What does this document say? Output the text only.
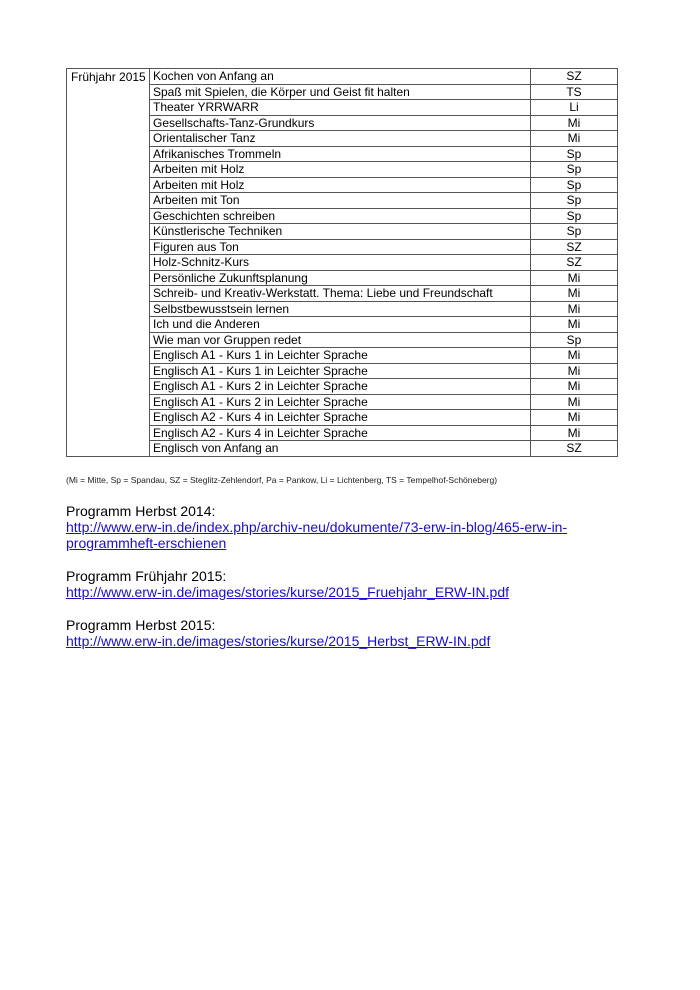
Frühjahr 2015	Kochen von Anfang an	SZ
	Spaß mit Spielen, die Körper und Geist fit halten	TS
	Theater YRRWARR	Li
	Gesellschafts-Tanz-Grundkurs	Mi
	Orientalischer Tanz	Mi
	Afrikanisches Trommeln	Sp
	Arbeiten mit Holz	Sp
	Arbeiten mit Holz	Sp
	Arbeiten mit Ton	Sp
	Geschichten schreiben	Sp
	Künstlerische Techniken	Sp
	Figuren aus Ton	SZ
	Holz-Schnitz-Kurs	SZ
	Persönliche Zukunftsplanung	Mi
	Schreib- und Kreativ-Werkstatt. Thema: Liebe und Freundschaft	Mi
	Selbstbewusstsein lernen	Mi
	Ich und die Anderen	Mi
	Wie man vor Gruppen redet	Sp
	Englisch A1 - Kurs 1 in Leichter Sprache	Mi
	Englisch A1 - Kurs 1 in Leichter Sprache	Mi
	Englisch A1 - Kurs 2 in Leichter Sprache	Mi
	Englisch A1 - Kurs 2 in Leichter Sprache	Mi
	Englisch A2 - Kurs 4 in Leichter Sprache	Mi
	Englisch A2 - Kurs 4 in Leichter Sprache	Mi
	Englisch von Anfang an	SZ
(Mi = Mitte, Sp = Spandau, SZ = Steglitz-Zehlendorf, Pa = Pankow, Li = Lichtenberg, TS = Tempelhof-Schöneberg)
Programm Herbst 2014:
http://www.erw-in.de/index.php/archiv-neu/dokumente/73-erw-in-blog/465-erw-in-programmheft-erschienen
Programm Frühjahr 2015:
http://www.erw-in.de/images/stories/kurse/2015_Fruehjahr_ERW-IN.pdf
Programm Herbst 2015:
http://www.erw-in.de/images/stories/kurse/2015_Herbst_ERW-IN.pdf
